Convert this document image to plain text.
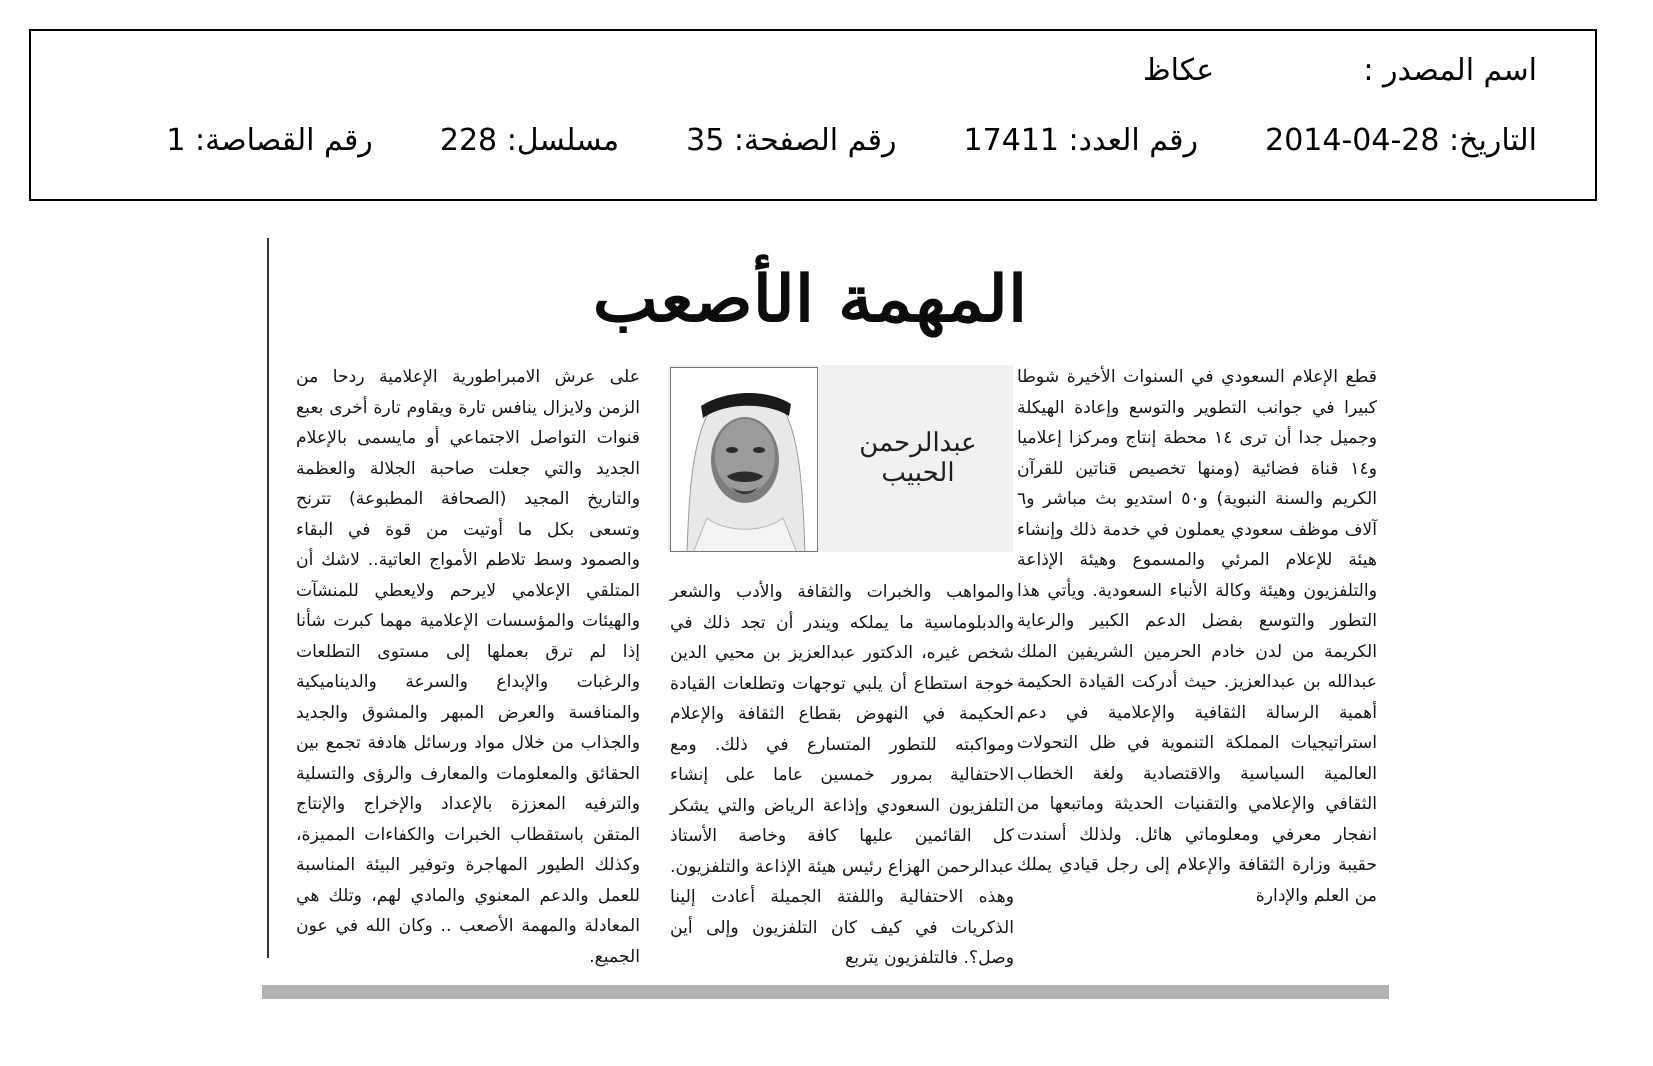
اسم المصدر :  عكاظ
التاريخ: 2014-04-28  رقم العدد: 17411  رقم الصفحة: 35  مسلسل: 228  رقم القصاصة: 1
المهمة الأصعب

قطع الإعلام السعودي في السنوات الأخيرة شوطا كبيرا في جوانب التطوير والتوسع وإعادة الهيكلة وجميل جدا أن ترى ١٤ محطة إنتاج ومركزا إعلاميا و١٤ قناة فضائية (ومنها تخصيص قناتين للقرآن الكريم والسنة النبوية) و٥٠ استديو بث مباشر و٦ آلاف موظف سعودي يعملون في خدمة ذلك وإنشاء هيئة للإعلام المرئي والمسموع وهيئة الإذاعة والتلفزيون وهيئة وكالة الأنباء السعودية. ويأتي هذا التطور والتوسع بفضل الدعم الكبير والرعاية الكريمة من لدن خادم الحرمين الشريفين الملك عبدالله بن عبدالعزيز. حيث أدركت القيادة الحكيمة أهمية الرسالة الثقافية والإعلامية في دعم استراتيجيات المملكة التنموية في ظل التحولات العالمية السياسية والاقتصادية ولغة الخطاب الثقافي والإعلامي والتقنيات الحديثة وماتبعها من انفجار معرفي ومعلوماتي هائل. ولذلك أسندت حقيبة وزارة الثقافة والإعلام إلى رجل قيادي يملك من العلم والإدارة

عبدالرحمن الحبيب

والمواهب والخبرات والثقافة والأدب والشعر والدبلوماسية ما يملكه ويندر أن تجد ذلك في شخص غيره، الدكتور عبدالعزيز بن محيي الدين خوجة استطاع أن يلبي توجهات وتطلعات القيادة الحكيمة في النهوض بقطاع الثقافة والإعلام ومواكبته للتطور المتسارع في ذلك. ومع الاحتفالية بمرور خمسين عاما على إنشاء التلفزيون السعودي وإذاعة الرياض والتي يشكر كل القائمين عليها كافة وخاصة الأستاذ عبدالرحمن الهزاع رئيس هيئة الإذاعة والتلفزيون. وهذه الاحتفالية واللفتة الجميلة أعادت إلينا الذكريات في كيف كان التلفزيون وإلى أين وصل؟. فالتلفزيون يتربع

على عرش الامبراطورية الإعلامية ردحا من الزمن ولايزال ينافس تارة ويقاوم تارة أخرى بعبع قنوات التواصل الاجتماعي أو مايسمى بالإعلام الجديد والتي جعلت صاحبة الجلالة والعظمة والتاريخ المجيد (الصحافة المطبوعة) تترنح وتسعى بكل ما أوتيت من قوة في البقاء والصمود وسط تلاطم الأمواج العاتية.. لاشك أن المتلقي الإعلامي لايرحم ولايعطي للمنشآت والهيئات والمؤسسات الإعلامية مهما كبرت شأنا إذا لم ترق بعملها إلى مستوى التطلعات والرغبات والإبداع والسرعة والديناميكية والمنافسة والعرض المبهر والمشوق والجديد والجذاب من خلال مواد ورسائل هادفة تجمع بين الحقائق والمعلومات والمعارف والرؤى والتسلية والترفيه المعززة بالإعداد والإخراج والإنتاج المتقن باستقطاب الخبرات والكفاءات المميزة، وكذلك الطيور المهاجرة وتوفير البيئة المناسبة للعمل والدعم المعنوي والمادي لهم، وتلك هي المعادلة والمهمة الأصعب .. وكان الله في عون الجميع.
